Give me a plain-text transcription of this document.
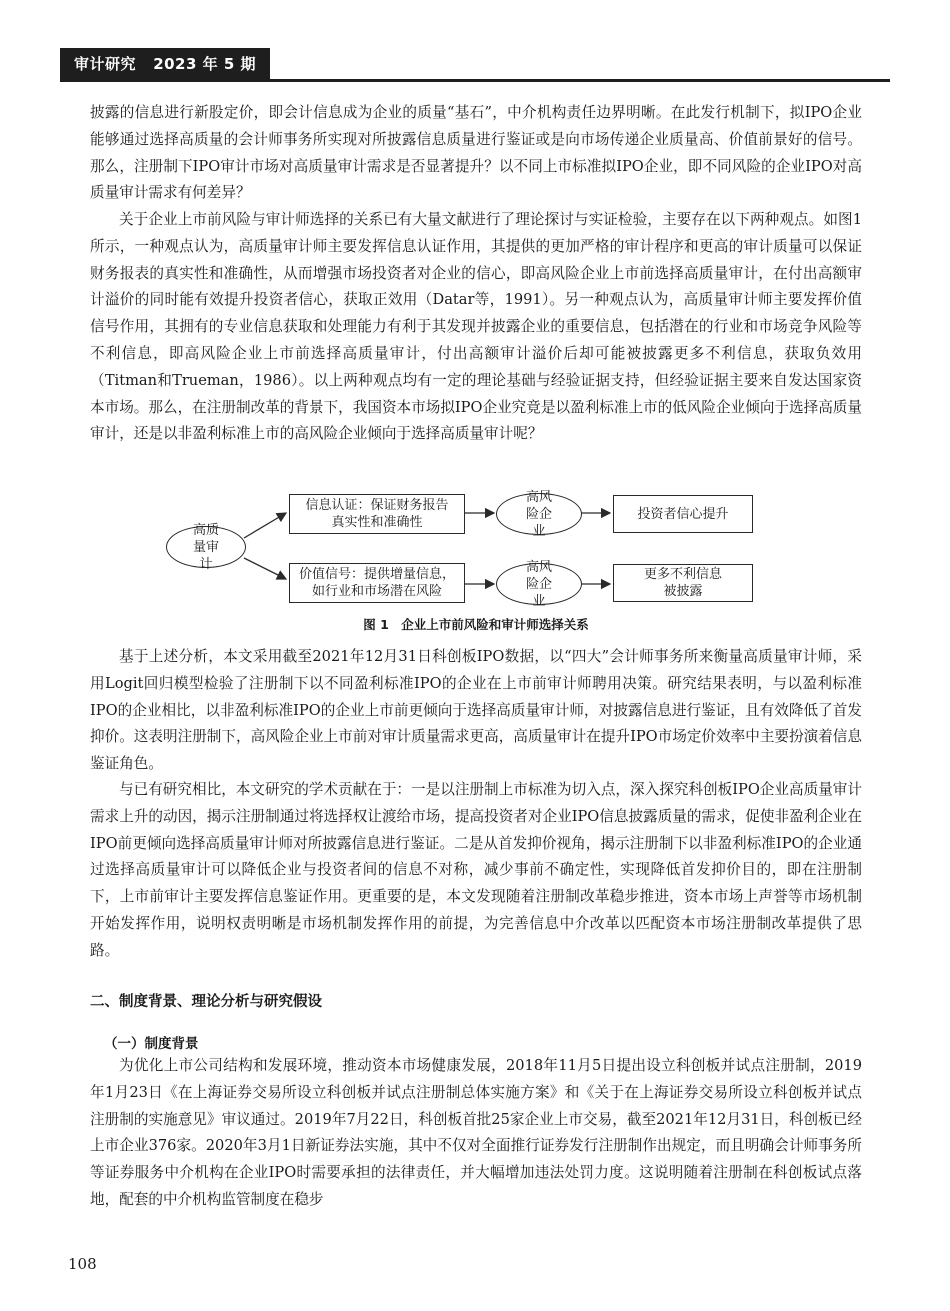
审计研究 2023 年 5 期

披露的信息进行新股定价，即会计信息成为企业的质量“基石”，中介机构责任边界明晰。在此发行机制下，拟IPO企业能够通过选择高质量的会计师事务所实现对所披露信息质量进行鉴证或是向市场传递企业质量高、价值前景好的信号。那么，注册制下IPO审计市场对高质量审计需求是否显著提升？以不同上市标准拟IPO企业，即不同风险的企业IPO对高质量审计需求有何差异？

关于企业上市前风险与审计师选择的关系已有大量文献进行了理论探讨与实证检验，主要存在以下两种观点。如图1所示，一种观点认为，高质量审计师主要发挥信息认证作用，其提供的更加严格的审计程序和更高的审计质量可以保证财务报表的真实性和准确性，从而增强市场投资者对企业的信心，即高风险企业上市前选择高质量审计，在付出高额审计溢价的同时能有效提升投资者信心，获取正效用（Datar等，1991）。另一种观点认为，高质量审计师主要发挥价值信号作用，其拥有的专业信息获取和处理能力有利于其发现并披露企业的重要信息，包括潜在的行业和市场竞争风险等不利信息，即高风险企业上市前选择高质量审计，付出高额审计溢价后却可能被披露更多不利信息，获取负效用（Titman和Trueman，1986）。以上两种观点均有一定的理论基础与经验证据支持，但经验证据主要来自发达国家资本市场。那么，在注册制改革的背景下，我国资本市场拟IPO企业究竟是以盈利标准上市的低风险企业倾向于选择高质量审计，还是以非盈利标准上市的高风险企业倾向于选择高质量审计呢？

高质量审计
信息认证：保证财务报告真实性和准确性
高风险企业
投资者信心提升
价值信号：提供增量信息，如行业和市场潜在风险
高风险企业
更多不利信息被披露
图 1　企业上市前风险和审计师选择关系

基于上述分析，本文采用截至2021年12月31日科创板IPO数据，以“四大”会计师事务所来衡量高质量审计师，采用Logit回归模型检验了注册制下以不同盈利标准IPO的企业在上市前审计师聘用决策。研究结果表明，与以盈利标准IPO的企业相比，以非盈利标准IPO的企业上市前更倾向于选择高质量审计师，对披露信息进行鉴证，且有效降低了首发抑价。这表明注册制下，高风险企业上市前对审计质量需求更高，高质量审计在提升IPO市场定价效率中主要扮演着信息鉴证角色。

与已有研究相比，本文研究的学术贡献在于：一是以注册制上市标准为切入点，深入探究科创板IPO企业高质量审计需求上升的动因，揭示注册制通过将选择权让渡给市场，提高投资者对企业IPO信息披露质量的需求，促使非盈利企业在IPO前更倾向选择高质量审计师对所披露信息进行鉴证。二是从首发抑价视角，揭示注册制下以非盈利标准IPO的企业通过选择高质量审计可以降低企业与投资者间的信息不对称，减少事前不确定性，实现降低首发抑价目的，即在注册制下，上市前审计主要发挥信息鉴证作用。更重要的是，本文发现随着注册制改革稳步推进，资本市场上声誉等市场机制开始发挥作用，说明权责明晰是市场机制发挥作用的前提，为完善信息中介改革以匹配资本市场注册制改革提供了思路。

二、制度背景、理论分析与研究假设
（一）制度背景

为优化上市公司结构和发展环境，推动资本市场健康发展，2018年11月5日提出设立科创板并试点注册制，2019年1月23日《在上海证券交易所设立科创板并试点注册制总体实施方案》和《关于在上海证券交易所设立科创板并试点注册制的实施意见》审议通过。2019年7月22日，科创板首批25家企业上市交易，截至2021年12月31日，科创板已经上市企业376家。2020年3月1日新证券法实施，其中不仅对全面推行证券发行注册制作出规定，而且明确会计师事务所等证券服务中介机构在企业IPO时需要承担的法律责任，并大幅增加违法处罚力度。这说明随着注册制在科创板试点落地，配套的中介机构监管制度在稳步

108
